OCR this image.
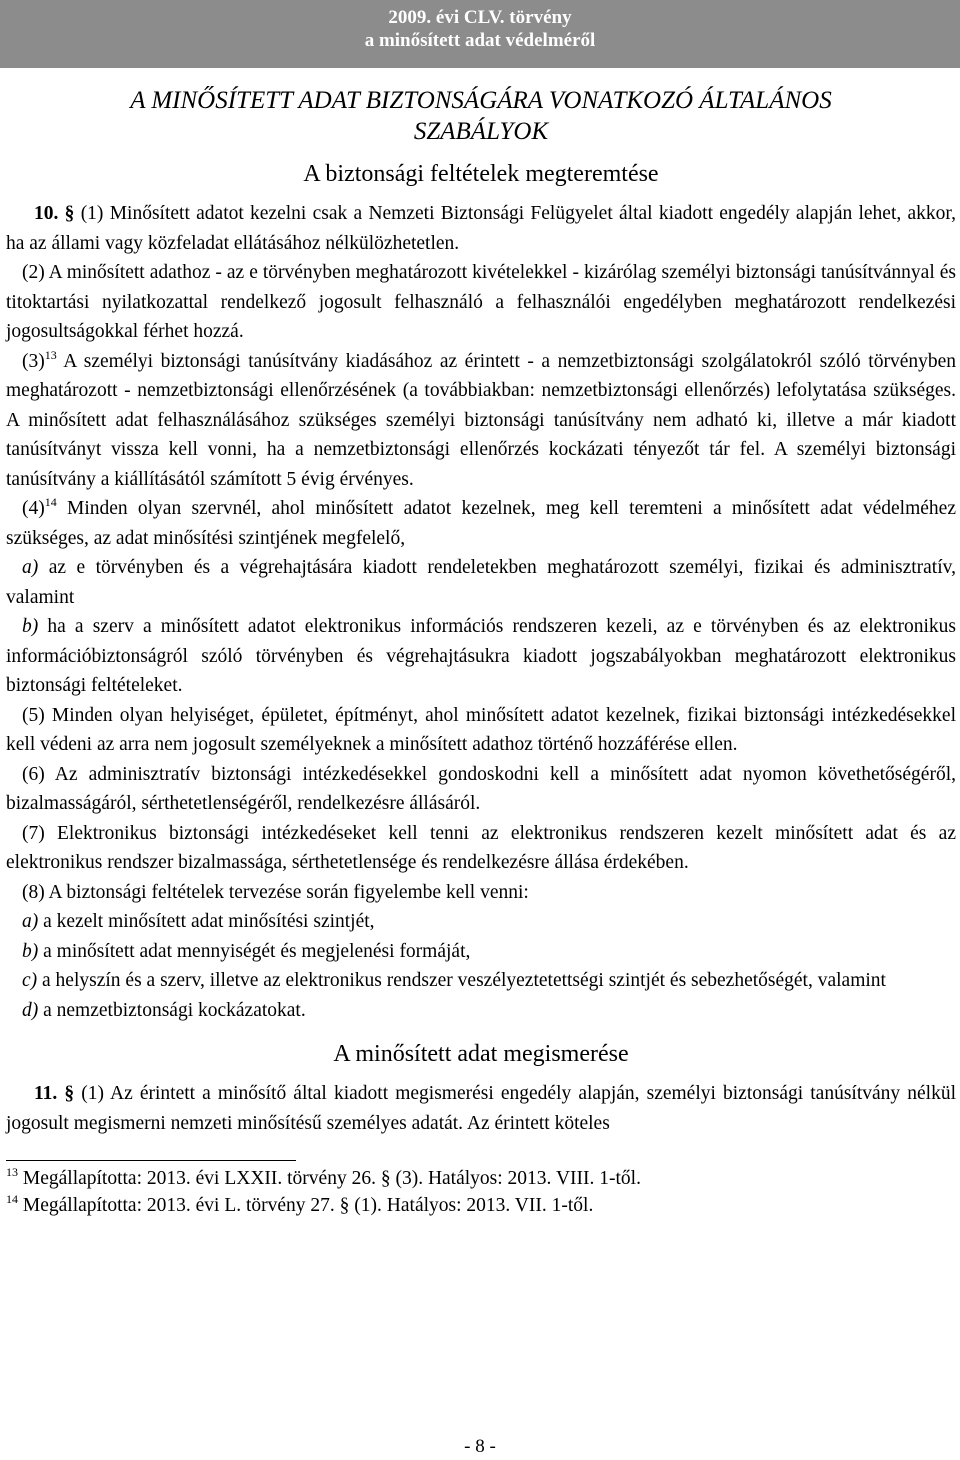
2009. évi CLV. törvény
a minősített adat védelméről

A MINŐSÍTETT ADAT BIZTONSÁGÁRA VONATKOZÓ ÁLTALÁNOS
SZABÁLYOK

A biztonsági feltételek megteremtése

10. § (1) Minősített adatot kezelni csak a Nemzeti Biztonsági Felügyelet által kiadott engedély alapján lehet, akkor, ha az állami vagy közfeladat ellátásához nélkülözhetetlen.

(2) A minősített adathoz - az e törvényben meghatározott kivételekkel - kizárólag személyi biztonsági tanúsítvánnyal és titoktartási nyilatkozattal rendelkező jogosult felhasználó a felhasználói engedélyben meghatározott rendelkezési jogosultságokkal férhet hozzá.

$(3)^{13}$ A személyi biztonsági tanúsítvány kiadásához az érintett - a nemzetbiztonsági szolgálatokról szóló törvényben meghatározott - nemzetbiztonsági ellenőrzésének (a továbbiakban: nemzetbiztonsági ellenőrzés) lefolytatása szükséges. A minősített adat felhasználásához szükséges személyi biztonsági tanúsítvány nem adható ki, illetve a már kiadott tanúsítványt vissza kell vonni, ha a nemzetbiztonsági ellenőrzés kockázati tényezőt tár fel. A személyi biztonsági tanúsítvány a kiállításától számított 5 évig érvényes.

$(4)^{14}$ Minden olyan szervnél, ahol minősített adatot kezelnek, meg kell teremteni a minősített adat védelméhez szükséges, az adat minősítési szintjének megfelelő,

a) az e törvényben és a végrehajtására kiadott rendeletekben meghatározott személyi, fizikai és adminisztratív, valamint

b) ha a szerv a minősített adatot elektronikus információs rendszeren kezeli, az e törvényben és az elektronikus információbiztonságról szóló törvényben és végrehajtásukra kiadott jogszabályokban meghatározott elektronikus biztonsági feltételeket.

(5) Minden olyan helyiséget, épületet, építményt, ahol minősített adatot kezelnek, fizikai biztonsági intézkedésekkel kell védeni az arra nem jogosult személyeknek a minősített adathoz történő hozzáférése ellen.

(6) Az adminisztratív biztonsági intézkedésekkel gondoskodni kell a minősített adat nyomon követhetőségéről, bizalmasságáról, sérthetetlenségéről, rendelkezésre állásáról.

(7) Elektronikus biztonsági intézkedéseket kell tenni az elektronikus rendszeren kezelt minősített adat és az elektronikus rendszer bizalmassága, sérthetetlensége és rendelkezésre állása érdekében.

(8) A biztonsági feltételek tervezése során figyelembe kell venni:

a) a kezelt minősített adat minősítési szintjét,

b) a minősített adat mennyiségét és megjelenési formáját,

c) a helyszín és a szerv, illetve az elektronikus rendszer veszélyeztetettségi szintjét és sebezhetőségét, valamint

d) a nemzetbiztonsági kockázatokat.

A minősített adat megismerése

11. § (1) Az érintett a minősítő által kiadott megismerési engedély alapján, személyi biztonsági tanúsítvány nélkül jogosult megismerni nemzeti minősítésű személyes adatát. Az érintett köteles

$^{13}$ Megállapította: 2013. évi LXXII. törvény 26. § (3). Hatályos: 2013. VIII. 1-től.

$^{14}$ Megállapította: 2013. évi L. törvény 27. § (1). Hatályos: 2013. VII. 1-től.

- 8 -
